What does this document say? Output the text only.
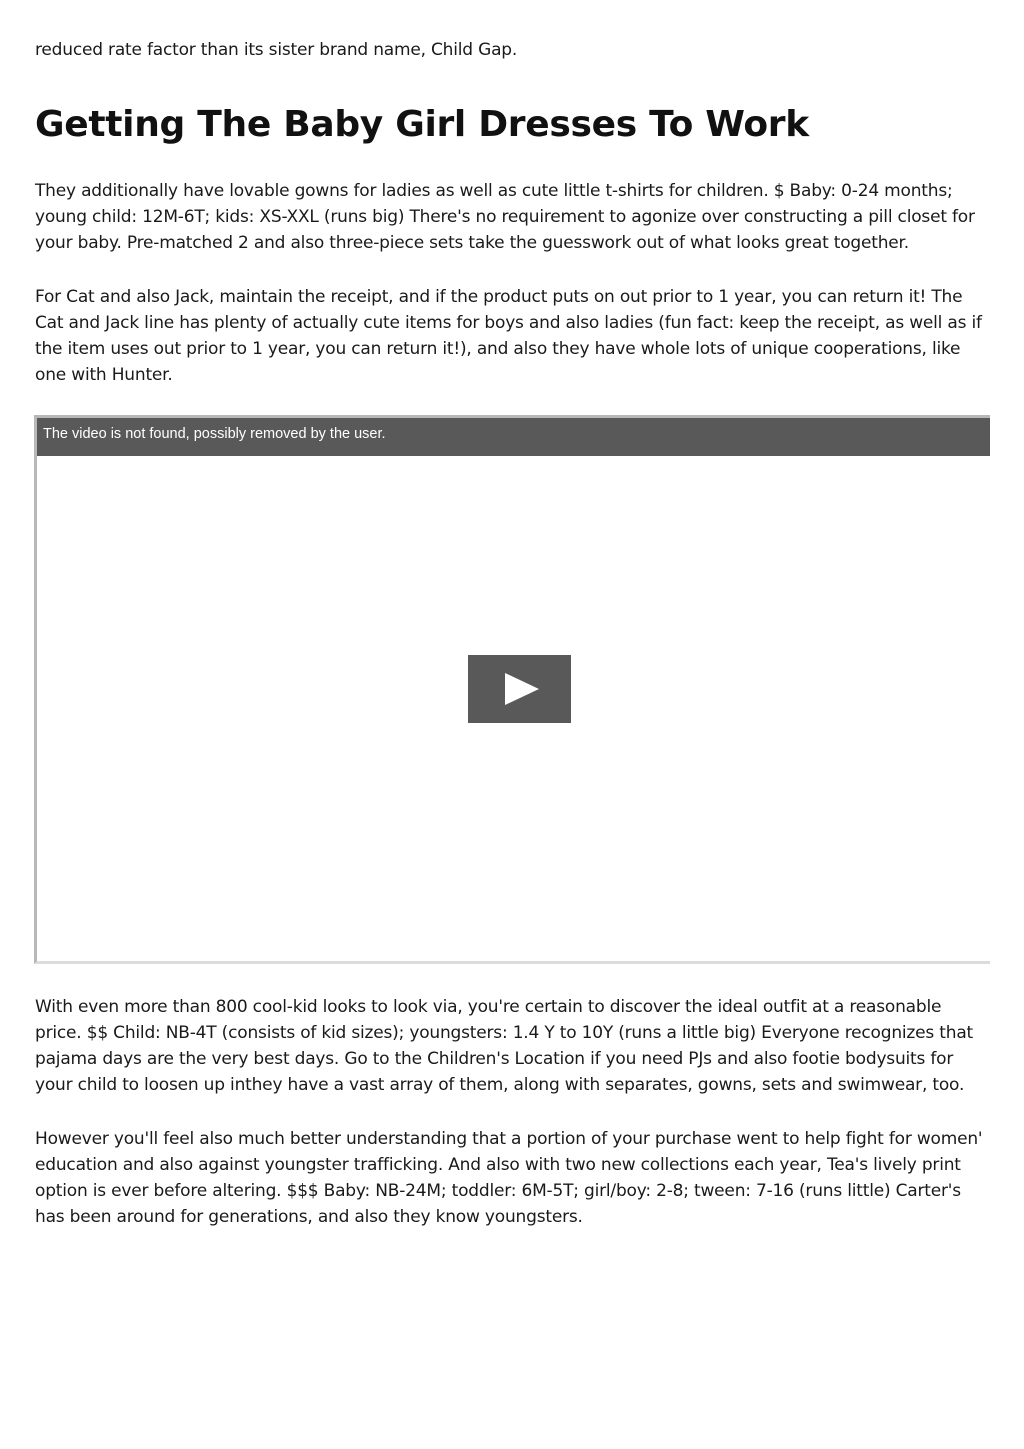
reduced rate factor than its sister brand name, Child Gap.

Getting The Baby Girl Dresses To Work

They additionally have lovable gowns for ladies as well as cute little t-shirts for children. $ Baby: 0-24 months; young child: 12M-6T; kids: XS-XXL (runs big) There's no requirement to agonize over constructing a pill closet for your baby. Pre-matched 2 and also three-piece sets take the guesswork out of what looks great together.

For Cat and also Jack, maintain the receipt, and if the product puts on out prior to 1 year, you can return it! The Cat and Jack line has plenty of actually cute items for boys and also ladies (fun fact: keep the receipt, as well as if the item uses out prior to 1 year, you can return it!), and also they have whole lots of unique cooperations, like one with Hunter.

With even more than 800 cool-kid looks to look via, you're certain to discover the ideal outfit at a reasonable price. $$ Child: NB-4T (consists of kid sizes); youngsters: 1.4 Y to 10Y (runs a little big) Everyone recognizes that pajama days are the very best days. Go to the Children's Location if you need PJs and also footie bodysuits for your child to loosen up inthey have a vast array of them, along with separates, gowns, sets and swimwear, too.

However you'll feel also much better understanding that a portion of your purchase went to help fight for women' education and also against youngster trafficking. And also with two new collections each year, Tea's lively print option is ever before altering. $$$ Baby: NB-24M; toddler: 6M-5T; girl/boy: 2-8; tween: 7-16 (runs little) Carter's has been around for generations, and also they know youngsters.

The video is not found, possibly removed by the user.
